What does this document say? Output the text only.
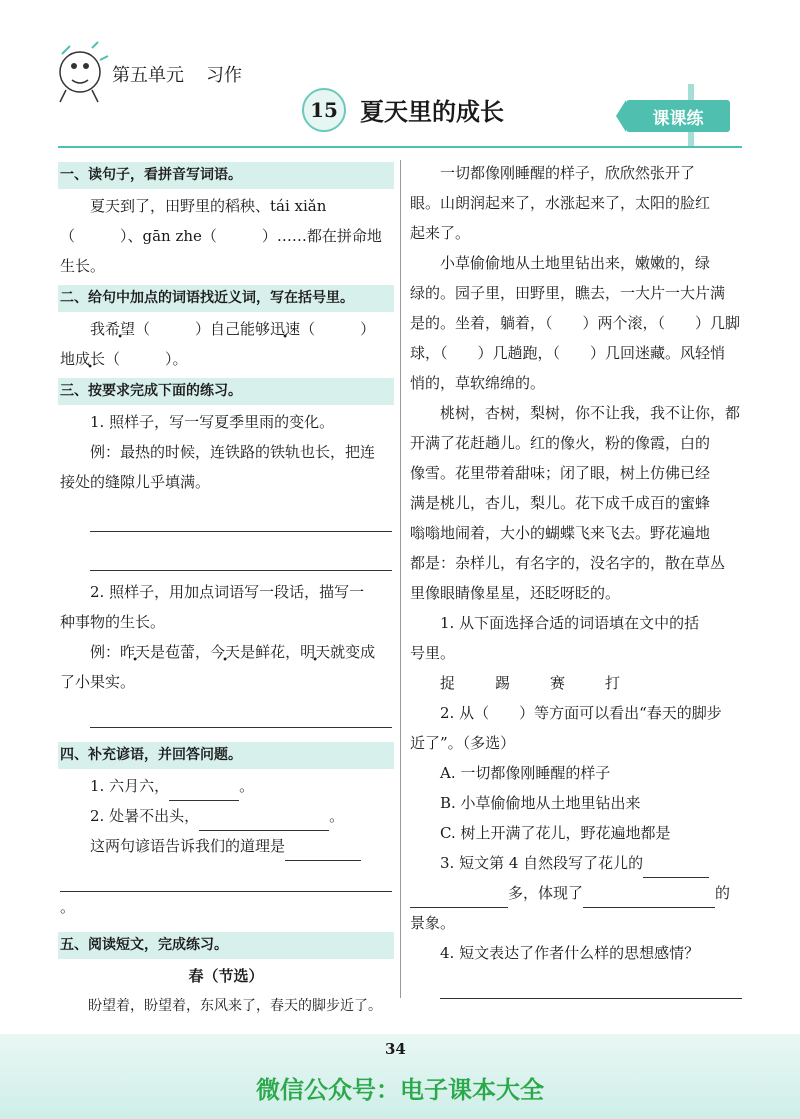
第五单元 习作
15 夏天里的成长	课课练
一、读句子，看拼音写词语。

夏天到了，田野里的稻秧、tái xiǎn

（　　　）、gān zhe（　　　）……都在拼命地

生长。

二、给句中加点的词语找近义词，写在括号里。

我希望（　　　）自己能够迅速（　　　）

地成长（　　　）。

三、按要求完成下面的练习。

1. 照样子，写一写夏季里雨的变化。

例：最热的时候，连铁路的铁轨也长，把连

接处的缝隙儿乎填满。

2. 照样子，用加点词语写一段话，描写一

种事物的生长。

例：昨天是苞蕾，今天是鲜花，明天就变成

了小果实。

四、补充谚语，并回答问题。

1. 六月六，	。

2. 处暑不出头，	。

这两句谚语告诉我们的道理是

。

五、阅读短文，完成练习。

春（节选）

盼望着，盼望着，东风来了，春天的脚步近了。

一切都像刚睡醒的样子，欣欣然张开了

眼。山朗润起来了，水涨起来了，太阳的脸红

起来了。

小草偷偷地从土地里钻出来，嫩嫩的，绿

绿的。园子里，田野里，瞧去，一大片一大片满

是的。坐着，躺着，（　　）两个滚，（　　）几脚

球，（　　）几趟跑，（　　）几回迷藏。风轻悄

悄的，草软绵绵的。

桃树，杏树，梨树，你不让我，我不让你，都

开满了花赶趟儿。红的像火，粉的像霞，白的

像雪。花里带着甜味；闭了眼，树上仿佛已经

满是桃儿，杏儿，梨儿。花下成千成百的蜜蜂

嗡嗡地闹着，大小的蝴蝶飞来飞去。野花遍地

都是：杂样儿，有名字的，没名字的，散在草丛

里像眼睛像星星，还眨呀眨的。

1. 从下面选择合适的词语填在文中的括

号里。

捉	踢	赛	打

2. 从（　　）等方面可以看出“春天的脚步

近了”。（多选）

A. 一切都像刚睡醒的样子

B. 小草偷偷地从土地里钻出来

C. 树上开满了花儿，野花遍地都是

3. 短文第 4 自然段写了花儿的

多，体现了	的

景象。

4. 短文表达了作者什么样的思想感情？

34
微信公众号：电子课本大全
